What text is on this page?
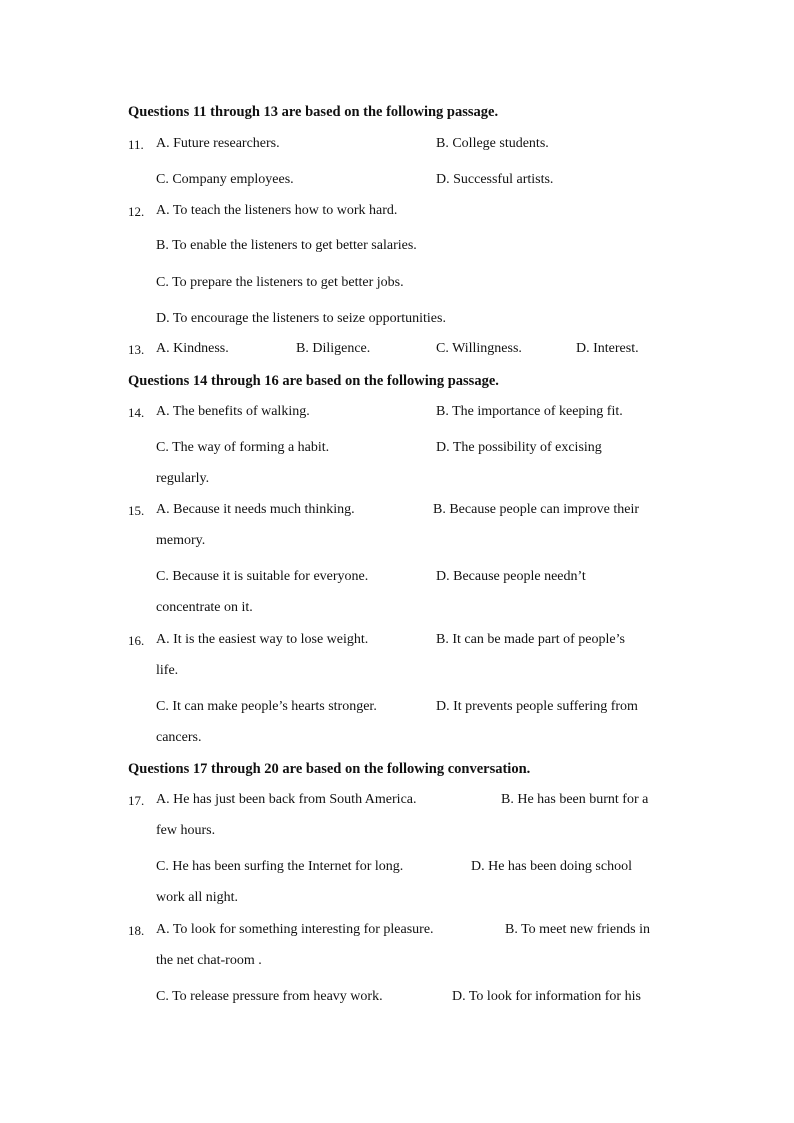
Questions 11 through 13 are based on the following passage.
11. A. Future researchers.	B. College students.
C. Company employees.	D. Successful artists.
12. A. To teach the listeners how to work hard.
B. To enable the listeners to get better salaries.
C. To prepare the listeners to get better jobs.
D. To encourage the listeners to seize opportunities.
13. A. Kindness.	B. Diligence.	C. Willingness.	D. Interest.
Questions 14 through 16 are based on the following passage.
14. A. The benefits of walking.	B. The importance of keeping fit.
C. The way of forming a habit.	D. The possibility of excising
regularly.
15. A. Because it needs much thinking.	B. Because people can improve their
memory.
C. Because it is suitable for everyone.	D. Because people needn’t
concentrate on it.
16. A. It is the easiest way to lose weight.	B. It can be made part of people’s
life.
C. It can make people’s hearts stronger.	D. It prevents people suffering from
cancers.
Questions 17 through 20 are based on the following conversation.
17. A. He has just been back from South America.	B. He has been burnt for a
few hours.
C. He has been surfing the Internet for long.	D. He has been doing school
work all night.
18. A. To look for something interesting for pleasure.	B. To meet new friends in
the net chat-room .
C. To release pressure from heavy work.	D. To look for information for his
